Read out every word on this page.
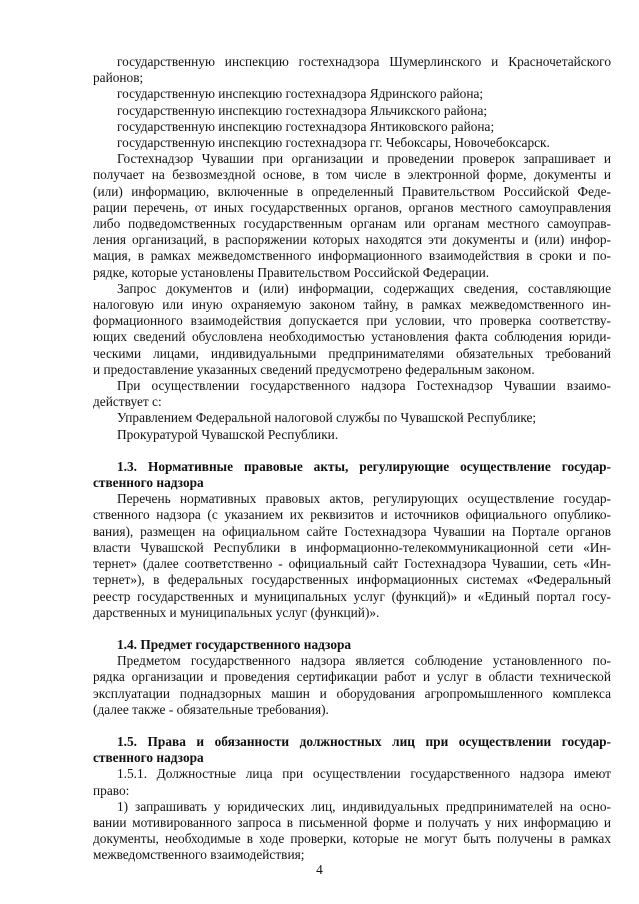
государственную инспекцию гостехнадзора Шумерлинского и Красночетайского
районов;
государственную инспекцию гостехнадзора Ядринского района;
государственную инспекцию гостехнадзора Яльчикского района;
государственную инспекцию гостехнадзора Янтиковского района;
государственную инспекцию гостехнадзора гг. Чебоксары, Новочебоксарск.
Гостехнадзор Чувашии при организации и проведении проверок запрашивает и
получает на безвозмездной основе, в том числе в электронной форме, документы и
(или) информацию, включенные в определенный Правительством Российской Феде-
рации перечень, от иных государственных органов, органов местного самоуправления
либо подведомственных государственным органам или органам местного самоуправ-
ления организаций, в распоряжении которых находятся эти документы и (или) инфор-
мация, в рамках межведомственного информационного взаимодействия в сроки и по-
рядке, которые установлены Правительством Российской Федерации.
Запрос документов и (или) информации, содержащих сведения, составляющие
налоговую или иную охраняемую законом тайну, в рамках межведомственного ин-
формационного взаимодействия допускается при условии, что проверка соответству-
ющих сведений обусловлена необходимостью установления факта соблюдения юриди-
ческими лицами, индивидуальными предпринимателями обязательных требований
и предоставление указанных сведений предусмотрено федеральным законом.
При осуществлении государственного надзора Гостехнадзор Чувашии взаимо-
действует с:
Управлением Федеральной налоговой службы по Чувашской Республике;
Прокуратурой Чувашской Республики.
1.3. Нормативные правовые акты, регулирующие осуществление государ-
ственного надзора
Перечень нормативных правовых актов, регулирующих осуществление государ-
ственного надзора (с указанием их реквизитов и источников официального опублико-
вания), размещен на официальном сайте Гостехнадзора Чувашии на Портале органов
власти Чувашской Республики в информационно-телекоммуникационной сети «Ин-
тернет» (далее соответственно - официальный сайт Гостехнадзора Чувашии, сеть «Ин-
тернет»), в федеральных государственных информационных системах «Федеральный
реестр государственных и муниципальных услуг (функций)» и «Единый портал госу-
дарственных и муниципальных услуг (функций)».
1.4. Предмет государственного надзора
Предметом государственного надзора является соблюдение установленного по-
рядка организации и проведения сертификации работ и услуг в области технической
эксплуатации поднадзорных машин и оборудования агропромышленного комплекса
(далее также - обязательные требования).
1.5. Права и обязанности должностных лиц при осуществлении государ-
ственного надзора
1.5.1. Должностные лица при осуществлении государственного надзора имеют
право:
1) запрашивать у юридических лиц, индивидуальных предпринимателей на осно-
вании мотивированного запроса в письменной форме и получать у них информацию и
документы, необходимые в ходе проверки, которые не могут быть получены в рамках
межведомственного взаимодействия;
4
